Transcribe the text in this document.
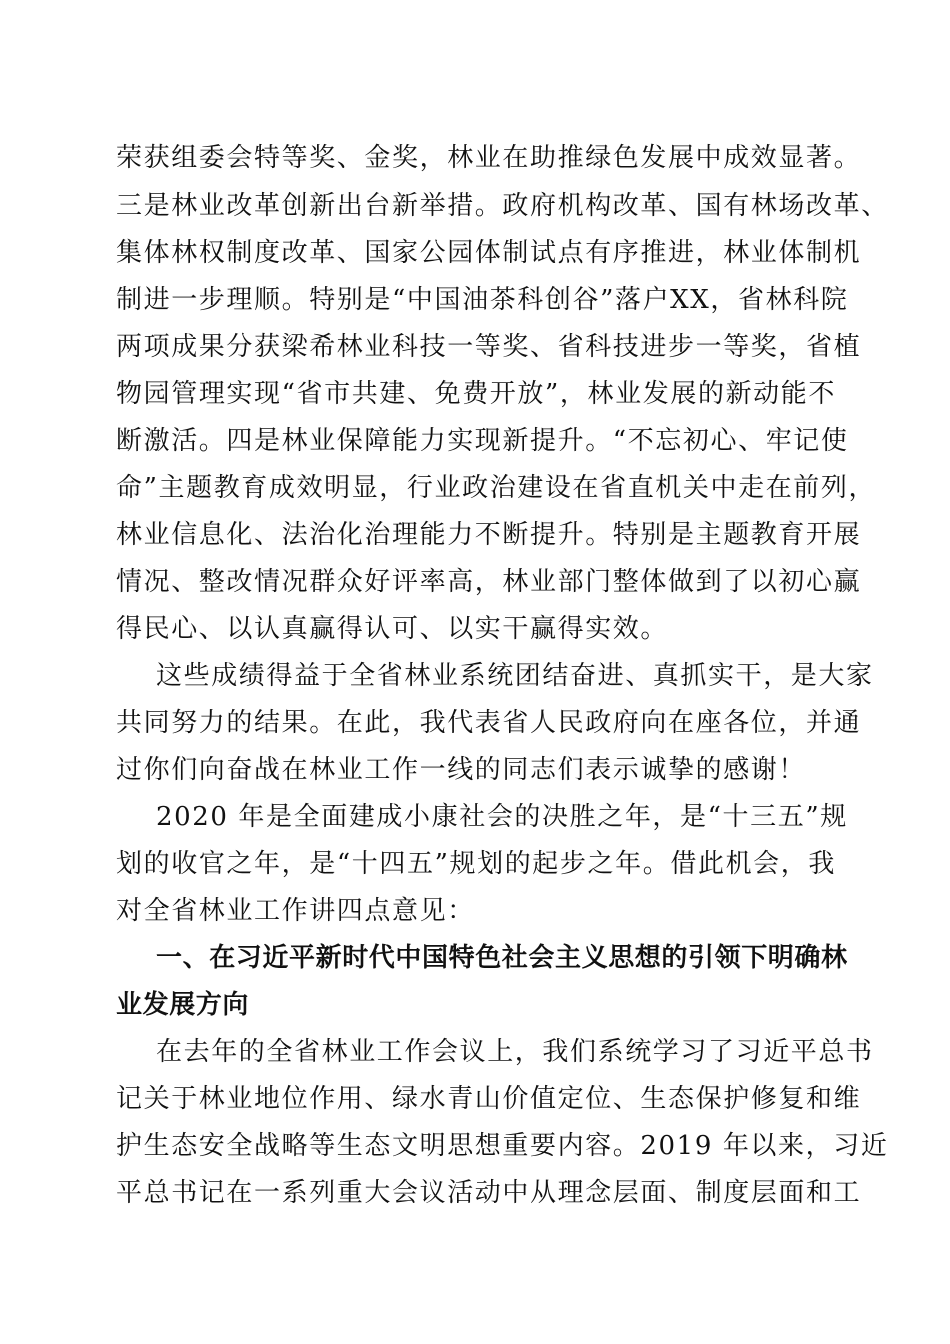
荣获组委会特等奖、金奖，林业在助推绿色发展中成效显著。
三是林业改革创新出台新举措。政府机构改革、国有林场改革、
集体林权制度改革、国家公园体制试点有序推进，林业体制机
制进一步理顺。特别是“中国油茶科创谷”落户XX，省林科院
两项成果分获梁希林业科技一等奖、省科技进步一等奖，省植
物园管理实现“省市共建、免费开放”，林业发展的新动能不
断激活。四是林业保障能力实现新提升。“不忘初心、牢记使
命”主题教育成效明显，行业政治建设在省直机关中走在前列，
林业信息化、法治化治理能力不断提升。特别是主题教育开展
情况、整改情况群众好评率高，林业部门整体做到了以初心赢
得民心、以认真赢得认可、以实干赢得实效。
这些成绩得益于全省林业系统团结奋进、真抓实干，是大家
共同努力的结果。在此，我代表省人民政府向在座各位，并通
过你们向奋战在林业工作一线的同志们表示诚挚的感谢！
2020 年是全面建成小康社会的决胜之年，是“十三五”规
划的收官之年，是“十四五”规划的起步之年。借此机会，我
对全省林业工作讲四点意见：
一、在习近平新时代中国特色社会主义思想的引领下明确林
业发展方向
在去年的全省林业工作会议上，我们系统学习了习近平总书
记关于林业地位作用、绿水青山价值定位、生态保护修复和维
护生态安全战略等生态文明思想重要内容。2019 年以来，习近
平总书记在一系列重大会议活动中从理念层面、制度层面和工
